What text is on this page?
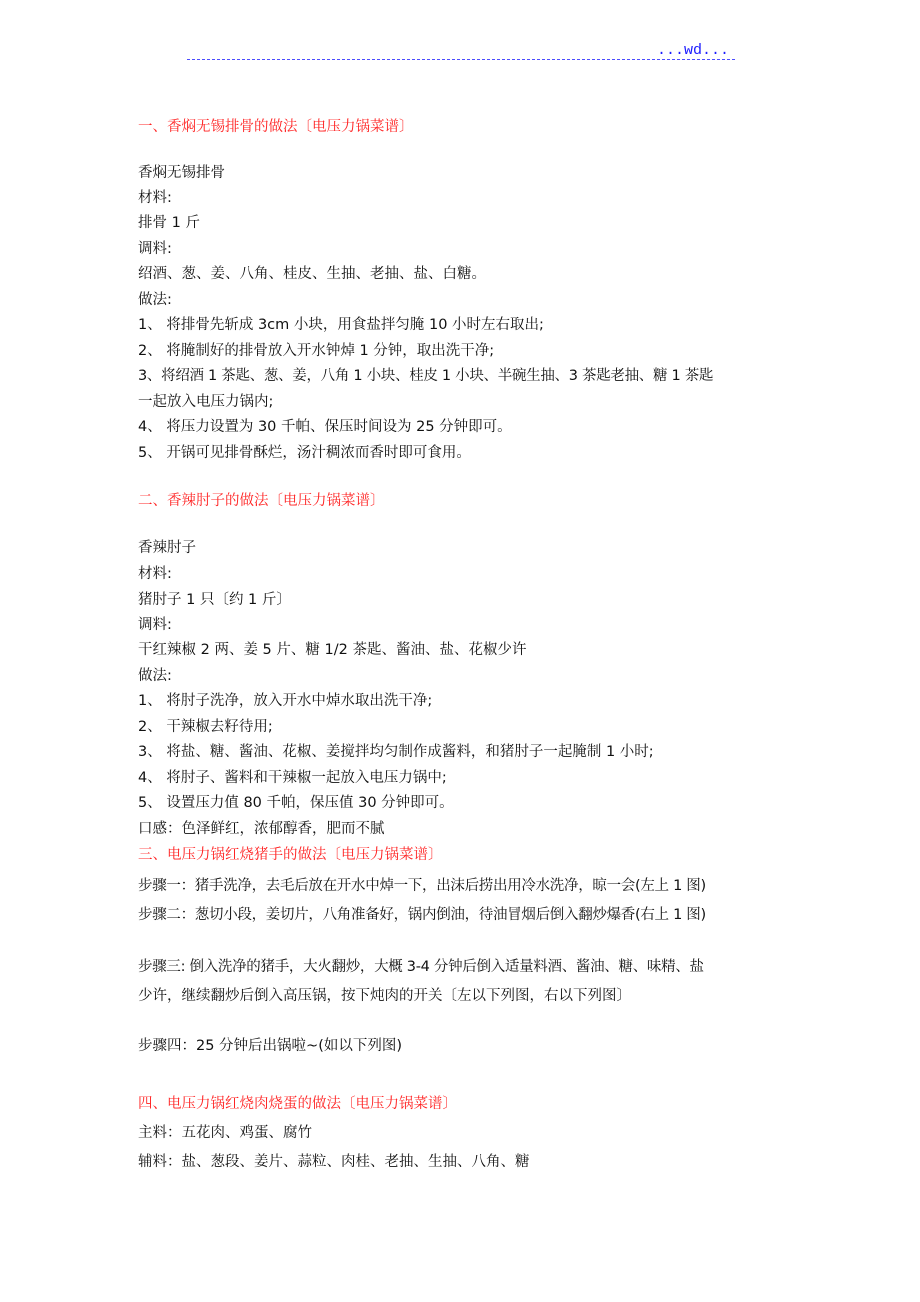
...wd...
一、香焖无锡排骨的做法〔电压力锅菜谱〕
香焖无锡排骨
材料:
排骨 1 斤
调料:
绍酒、葱、姜、八角、桂皮、生抽、老抽、盐、白糖。
做法:
1、 将排骨先斩成 3cm 小块，用食盐拌匀腌 10 小时左右取出;
2、 将腌制好的排骨放入开水钟焯 1 分钟，取出洗干净;
3、将绍酒 1 茶匙、葱、姜，八角 1 小块、桂皮 1 小块、半碗生抽、3 茶匙老抽、糖 1 茶匙
一起放入电压力锅内;
4、 将压力设置为 30 千帕、保压时间设为 25 分钟即可。
5、 开锅可见排骨酥烂，汤汁稠浓而香时即可食用。
二、香辣肘子的做法〔电压力锅菜谱〕
香辣肘子
材料:
猪肘子 1 只〔约 1 斤〕
调料:
干红辣椒 2 两、姜 5 片、糖 1/2 茶匙、酱油、盐、花椒少许
做法:
1、 将肘子洗净，放入开水中焯水取出洗干净;
2、 干辣椒去籽待用;
3、 将盐、糖、酱油、花椒、姜搅拌均匀制作成酱料，和猪肘子一起腌制 1 小时;
4、 将肘子、酱料和干辣椒一起放入电压力锅中;
5、 设置压力值 80 千帕，保压值 30 分钟即可。
口感：色泽鲜红，浓郁醇香，肥而不腻
三、电压力锅红烧猪手的做法〔电压力锅菜谱〕
步骤一：猪手洗净，去毛后放在开水中焯一下，出沫后捞出用冷水洗净，晾一会(左上 1 图)
步骤二：葱切小段，姜切片，八角准备好，锅内倒油，待油冒烟后倒入翻炒爆香(右上 1 图)
步骤三: 倒入洗净的猪手，大火翻炒，大概 3-4 分钟后倒入适量料酒、酱油、糖、味精、盐
少许，继续翻炒后倒入高压锅，按下炖肉的开关〔左以下列图，右以下列图〕
步骤四：25 分钟后出锅啦~(如以下列图)
四、电压力锅红烧肉烧蛋的做法〔电压力锅菜谱〕
主料：五花肉、鸡蛋、腐竹
辅料：盐、葱段、姜片、蒜粒、肉桂、老抽、生抽、八角、糖
